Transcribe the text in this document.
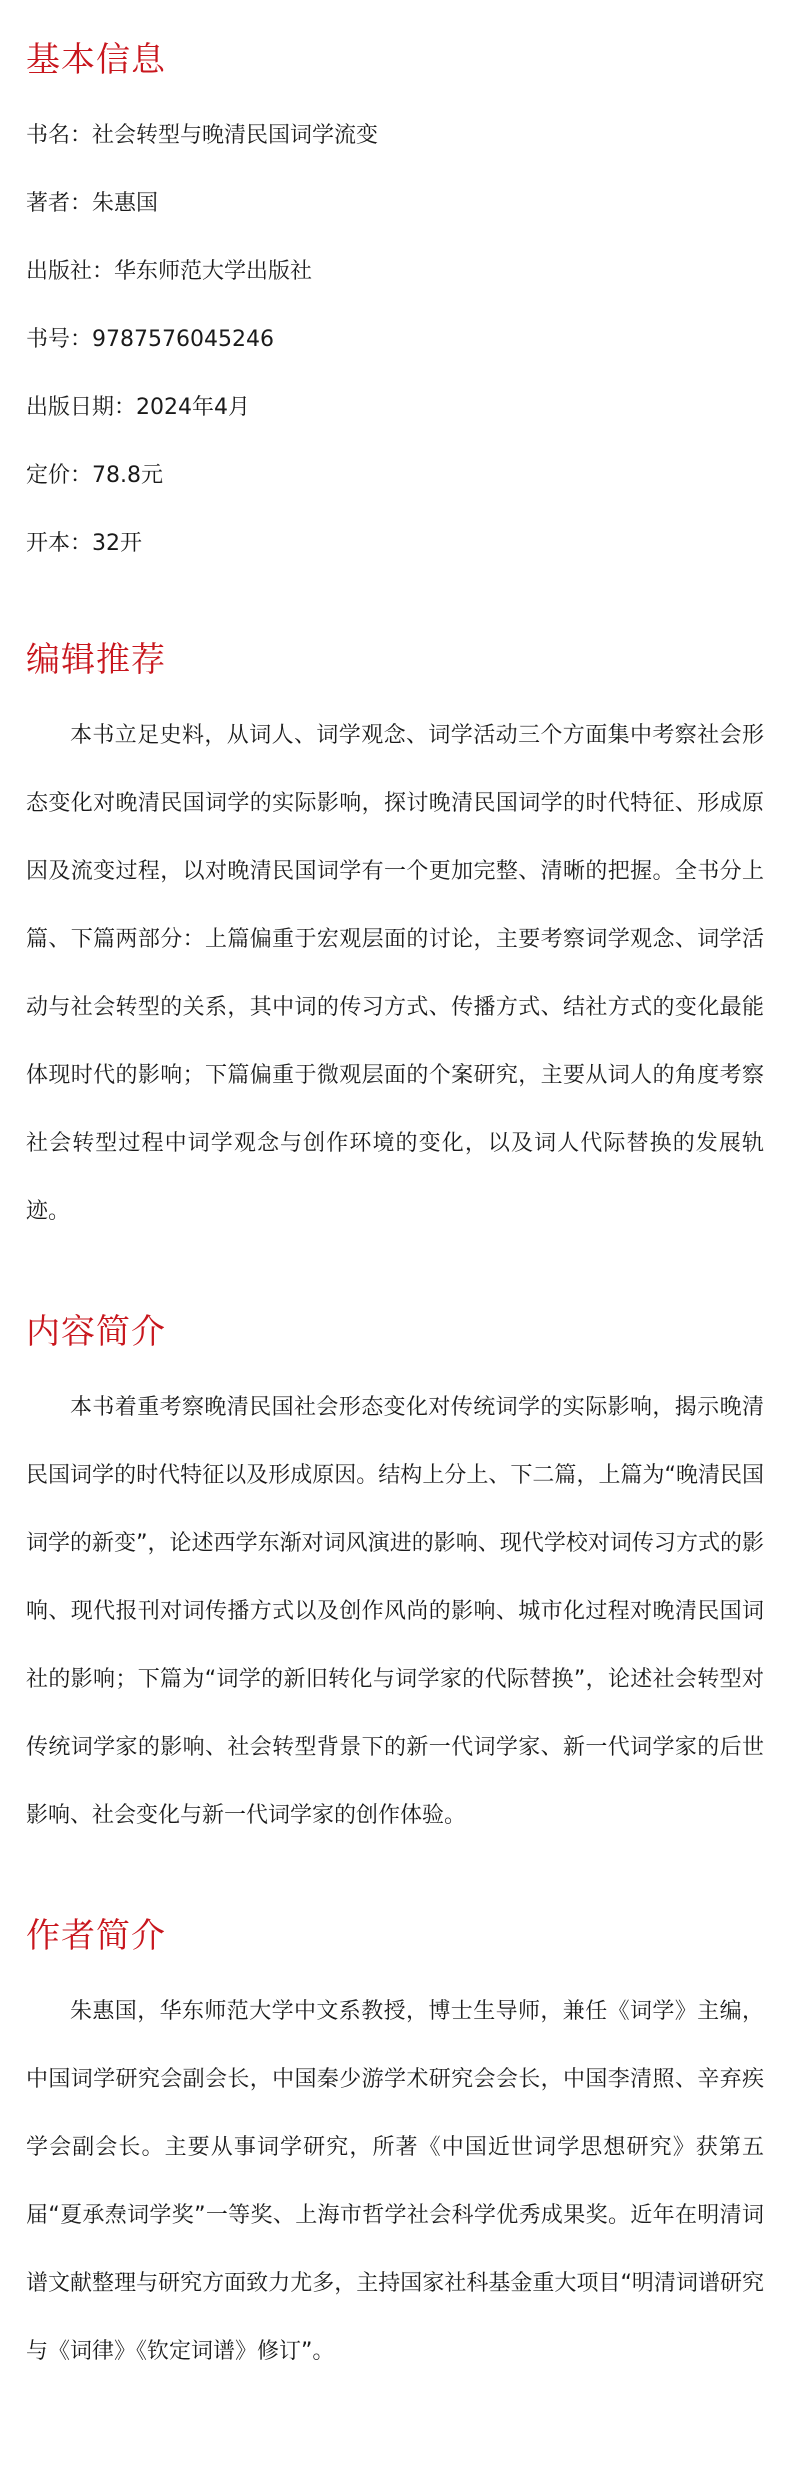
基本信息

书名：社会转型与晚清民国词学流变

著者：朱惠国

出版社：华东师范大学出版社

书号：9787576045246

出版日期：2024年4月

定价：78.8元

开本：32开

编辑推荐

本书立足史料，从词人、词学观念、词学活动三个方面集中考察社会形态变化对晚清民国词学的实际影响，探讨晚清民国词学的时代特征、形成原因及流变过程，以对晚清民国词学有一个更加完整、清晰的把握。全书分上篇、下篇两部分：上篇偏重于宏观层面的讨论，主要考察词学观念、词学活动与社会转型的关系，其中词的传习方式、传播方式、结社方式的变化最能体现时代的影响；下篇偏重于微观层面的个案研究，主要从词人的角度考察社会转型过程中词学观念与创作环境的变化，以及词人代际替换的发展轨迹。

内容简介

本书着重考察晚清民国社会形态变化对传统词学的实际影响，揭示晚清民国词学的时代特征以及形成原因。结构上分上、下二篇，上篇为“晚清民国词学的新变”，论述西学东渐对词风演进的影响、现代学校对词传习方式的影响、现代报刊对词传播方式以及创作风尚的影响、城市化过程对晚清民国词社的影响；下篇为“词学的新旧转化与词学家的代际替换”，论述社会转型对传统词学家的影响、社会转型背景下的新一代词学家、新一代词学家的后世影响、社会变化与新一代词学家的创作体验。

作者简介

朱惠国，华东师范大学中文系教授，博士生导师，兼任《词学》主编，中国词学研究会副会长，中国秦少游学术研究会会长，中国李清照、辛弃疾学会副会长。主要从事词学研究，所著《中国近世词学思想研究》获第五届“夏承焘词学奖”一等奖、上海市哲学社会科学优秀成果奖。近年在明清词谱文献整理与研究方面致力尤多，主持国家社科基金重大项目“明清词谱研究与《词律》《钦定词谱》修订”。
